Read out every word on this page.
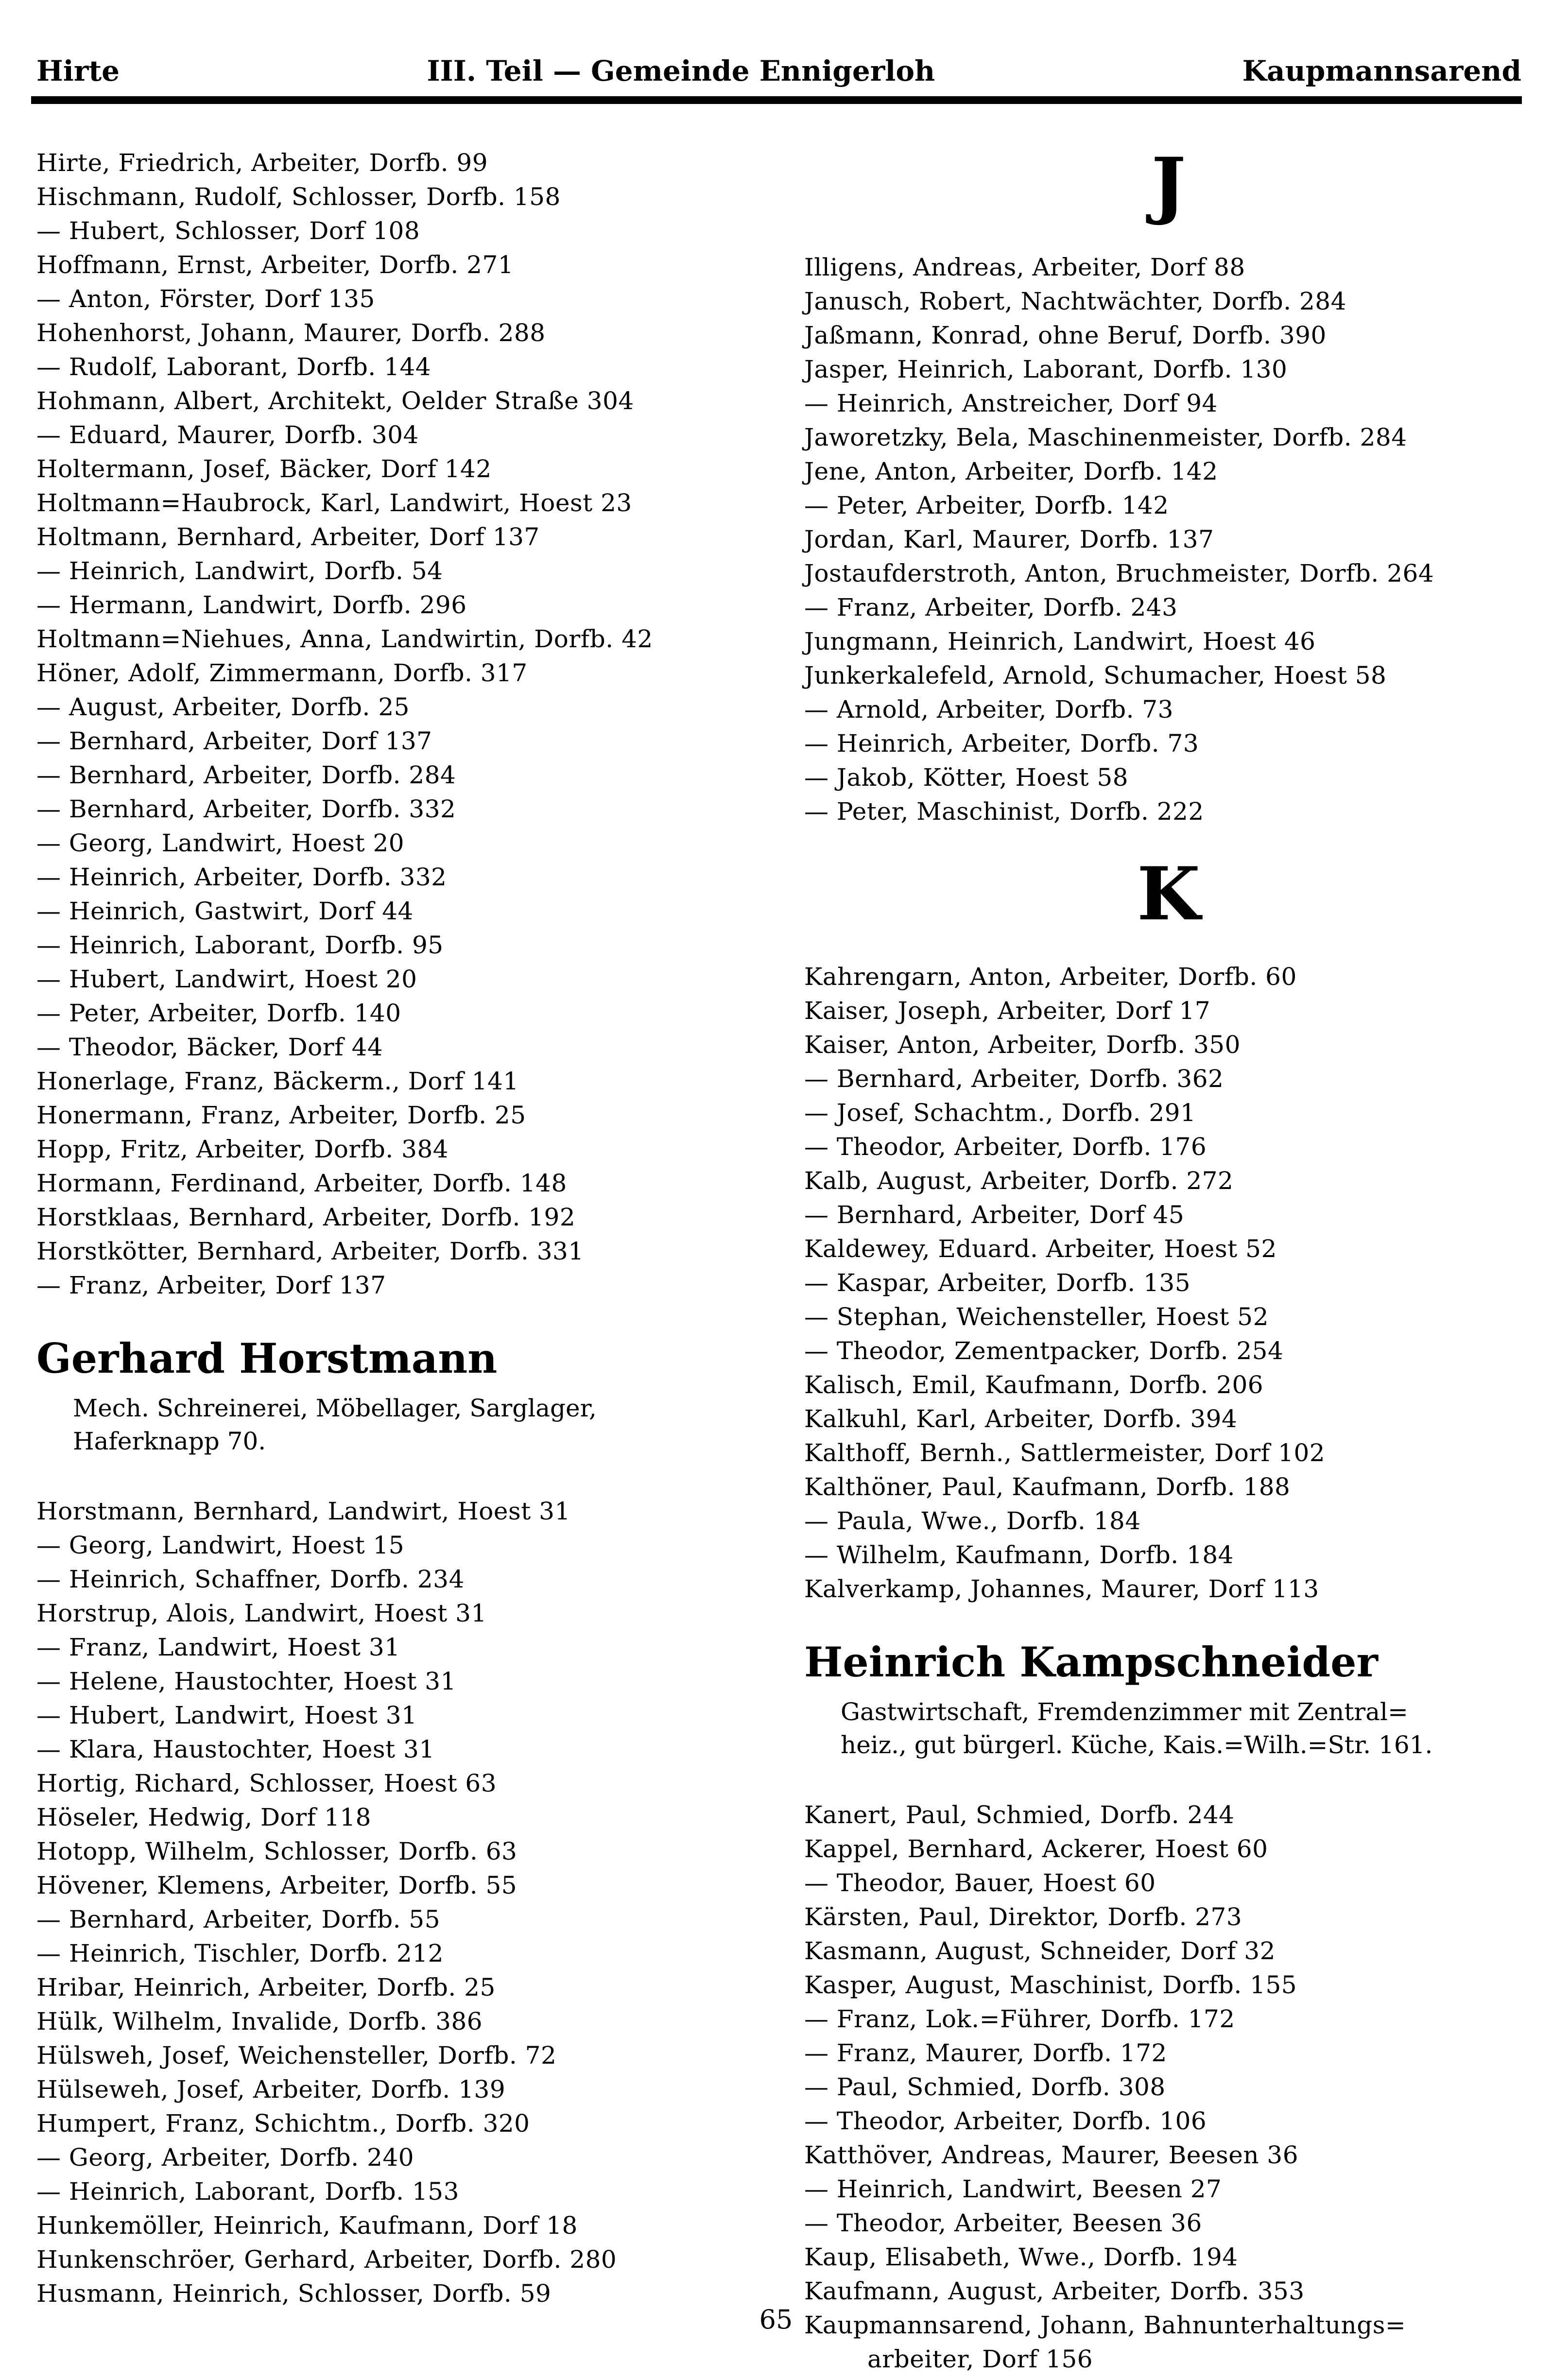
Hirte	III. Teil — Gemeinde Ennigerloh	Kaupmannsarend
Hirte, Friedrich, Arbeiter, Dorfb. 99
Hischmann, Rudolf, Schlosser, Dorfb. 158
— Hubert, Schlosser, Dorf 108
Hoffmann, Ernst, Arbeiter, Dorfb. 271
— Anton, Förster, Dorf 135
Hohenhorst, Johann, Maurer, Dorfb. 288
— Rudolf, Laborant, Dorfb. 144
Hohmann, Albert, Architekt, Oelder Straße 304
— Eduard, Maurer, Dorfb. 304
Holtermann, Josef, Bäcker, Dorf 142
Holtmann=Haubrock, Karl, Landwirt, Hoest 23
Holtmann, Bernhard, Arbeiter, Dorf 137
— Heinrich, Landwirt, Dorfb. 54
— Hermann, Landwirt, Dorfb. 296
Holtmann=Niehues, Anna, Landwirtin, Dorfb. 42
Höner, Adolf, Zimmermann, Dorfb. 317
— August, Arbeiter, Dorfb. 25
— Bernhard, Arbeiter, Dorf 137
— Bernhard, Arbeiter, Dorfb. 284
— Bernhard, Arbeiter, Dorfb. 332
— Georg, Landwirt, Hoest 20
— Heinrich, Arbeiter, Dorfb. 332
— Heinrich, Gastwirt, Dorf 44
— Heinrich, Laborant, Dorfb. 95
— Hubert, Landwirt, Hoest 20
— Peter, Arbeiter, Dorfb. 140
— Theodor, Bäcker, Dorf 44
Honerlage, Franz, Bäckerm., Dorf 141
Honermann, Franz, Arbeiter, Dorfb. 25
Hopp, Fritz, Arbeiter, Dorfb. 384
Hormann, Ferdinand, Arbeiter, Dorfb. 148
Horstklaas, Bernhard, Arbeiter, Dorfb. 192
Horstkötter, Bernhard, Arbeiter, Dorfb. 331
— Franz, Arbeiter, Dorf 137
Gerhard Horstmann
Mech. Schreinerei, Möbellager, Sarglager,
Haferknapp 70.
Horstmann, Bernhard, Landwirt, Hoest 31
— Georg, Landwirt, Hoest 15
— Heinrich, Schaffner, Dorfb. 234
Horstrup, Alois, Landwirt, Hoest 31
— Franz, Landwirt, Hoest 31
— Helene, Haustochter, Hoest 31
— Hubert, Landwirt, Hoest 31
— Klara, Haustochter, Hoest 31
Hortig, Richard, Schlosser, Hoest 63
Höseler, Hedwig, Dorf 118
Hotopp, Wilhelm, Schlosser, Dorfb. 63
Hövener, Klemens, Arbeiter, Dorfb. 55
— Bernhard, Arbeiter, Dorfb. 55
— Heinrich, Tischler, Dorfb. 212
Hribar, Heinrich, Arbeiter, Dorfb. 25
Hülk, Wilhelm, Invalide, Dorfb. 386
Hülsweh, Josef, Weichensteller, Dorfb. 72
Hülseweh, Josef, Arbeiter, Dorfb. 139
Humpert, Franz, Schichtm., Dorfb. 320
— Georg, Arbeiter, Dorfb. 240
— Heinrich, Laborant, Dorfb. 153
Hunkemöller, Heinrich, Kaufmann, Dorf 18
Hunkenschröer, Gerhard, Arbeiter, Dorfb. 280
Husmann, Heinrich, Schlosser, Dorfb. 59
J
Illigens, Andreas, Arbeiter, Dorf 88
Janusch, Robert, Nachtwächter, Dorfb. 284
Jaßmann, Konrad, ohne Beruf, Dorfb. 390
Jasper, Heinrich, Laborant, Dorfb. 130
— Heinrich, Anstreicher, Dorf 94
Jaworetzky, Bela, Maschinenmeister, Dorfb. 284
Jene, Anton, Arbeiter, Dorfb. 142
— Peter, Arbeiter, Dorfb. 142
Jordan, Karl, Maurer, Dorfb. 137
Jostaufderstroth, Anton, Bruchmeister, Dorfb. 264
— Franz, Arbeiter, Dorfb. 243
Jungmann, Heinrich, Landwirt, Hoest 46
Junkerkalefeld, Arnold, Schumacher, Hoest 58
— Arnold, Arbeiter, Dorfb. 73
— Heinrich, Arbeiter, Dorfb. 73
— Jakob, Kötter, Hoest 58
— Peter, Maschinist, Dorfb. 222
K
Kahrengarn, Anton, Arbeiter, Dorfb. 60
Kaiser, Joseph, Arbeiter, Dorf 17
Kaiser, Anton, Arbeiter, Dorfb. 350
— Bernhard, Arbeiter, Dorfb. 362
— Josef, Schachtm., Dorfb. 291
— Theodor, Arbeiter, Dorfb. 176
Kalb, August, Arbeiter, Dorfb. 272
— Bernhard, Arbeiter, Dorf 45
Kaldewey, Eduard. Arbeiter, Hoest 52
— Kaspar, Arbeiter, Dorfb. 135
— Stephan, Weichensteller, Hoest 52
— Theodor, Zementpacker, Dorfb. 254
Kalisch, Emil, Kaufmann, Dorfb. 206
Kalkuhl, Karl, Arbeiter, Dorfb. 394
Kalthoff, Bernh., Sattlermeister, Dorf 102
Kalthöner, Paul, Kaufmann, Dorfb. 188
— Paula, Wwe., Dorfb. 184
— Wilhelm, Kaufmann, Dorfb. 184
Kalverkamp, Johannes, Maurer, Dorf 113
Heinrich Kampschneider
Gastwirtschaft, Fremdenzimmer mit Zentral=
heiz., gut bürgerl. Küche, Kais.=Wilh.=Str. 161.
Kanert, Paul, Schmied, Dorfb. 244
Kappel, Bernhard, Ackerer, Hoest 60
— Theodor, Bauer, Hoest 60
Kärsten, Paul, Direktor, Dorfb. 273
Kasmann, August, Schneider, Dorf 32
Kasper, August, Maschinist, Dorfb. 155
— Franz, Lok.=Führer, Dorfb. 172
— Franz, Maurer, Dorfb. 172
— Paul, Schmied, Dorfb. 308
— Theodor, Arbeiter, Dorfb. 106
Katthöver, Andreas, Maurer, Beesen 36
— Heinrich, Landwirt, Beesen 27
— Theodor, Arbeiter, Beesen 36
Kaup, Elisabeth, Wwe., Dorfb. 194
Kaufmann, August, Arbeiter, Dorfb. 353
Kaupmannsarend, Johann, Bahnunterhaltungs=
arbeiter, Dorf 156
65
